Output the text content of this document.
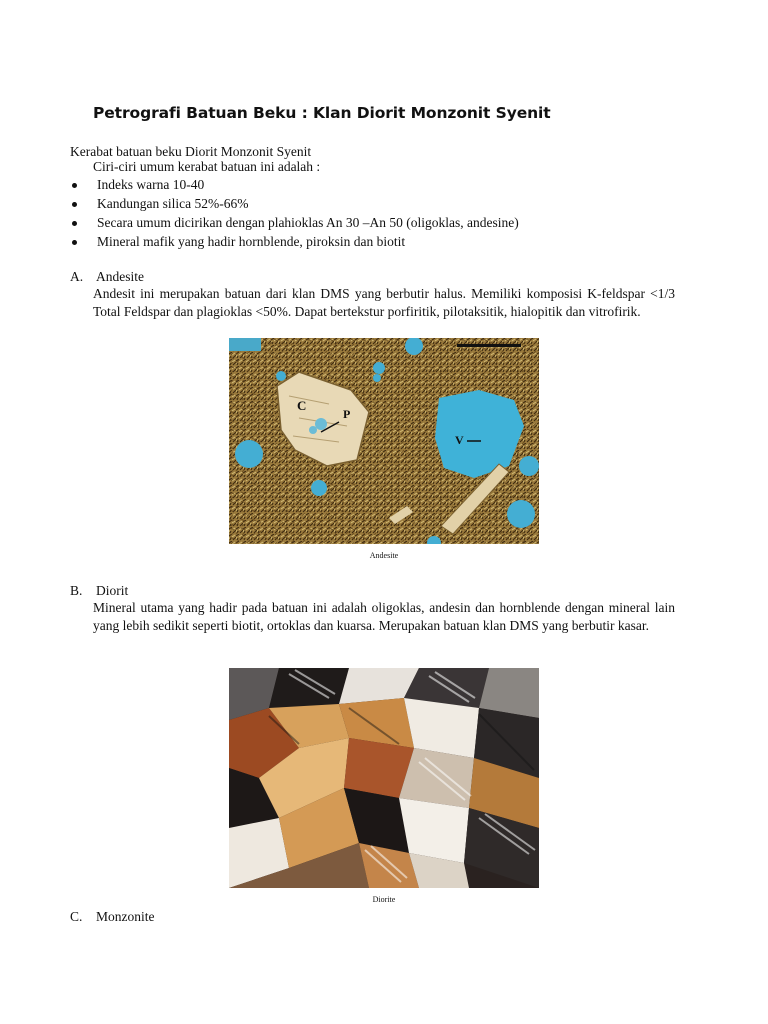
Petrografi Batuan Beku : Klan Diorit Monzonit Syenit
Kerabat batuan beku Diorit Monzonit Syenit
Ciri-ciri umum kerabat batuan ini adalah :
Indeks warna 10-40
Kandungan silica 52%-66%
Secara umum dicirikan dengan plahioklas An 30 –An 50 (oligoklas, andesine)
Mineral mafik yang hadir hornblende, piroksin dan biotit
A. Andesite
Andesit ini merupakan batuan dari klan DMS yang berbutir halus. Memiliki komposisi K-feldspar <1/3 Total Feldspar dan plagioklas <50%. Dapat bertekstur porfiritik, pilotaksitik, hialopitik dan vitrofirik.
C
P
V
Andesite
B. Diorit
Mineral utama yang hadir pada batuan ini adalah oligoklas, andesin dan hornblende dengan mineral lain yang lebih sedikit seperti biotit, ortoklas dan kuarsa. Merupakan batuan klan DMS yang berbutir kasar.
Diorite
C. Monzonite
